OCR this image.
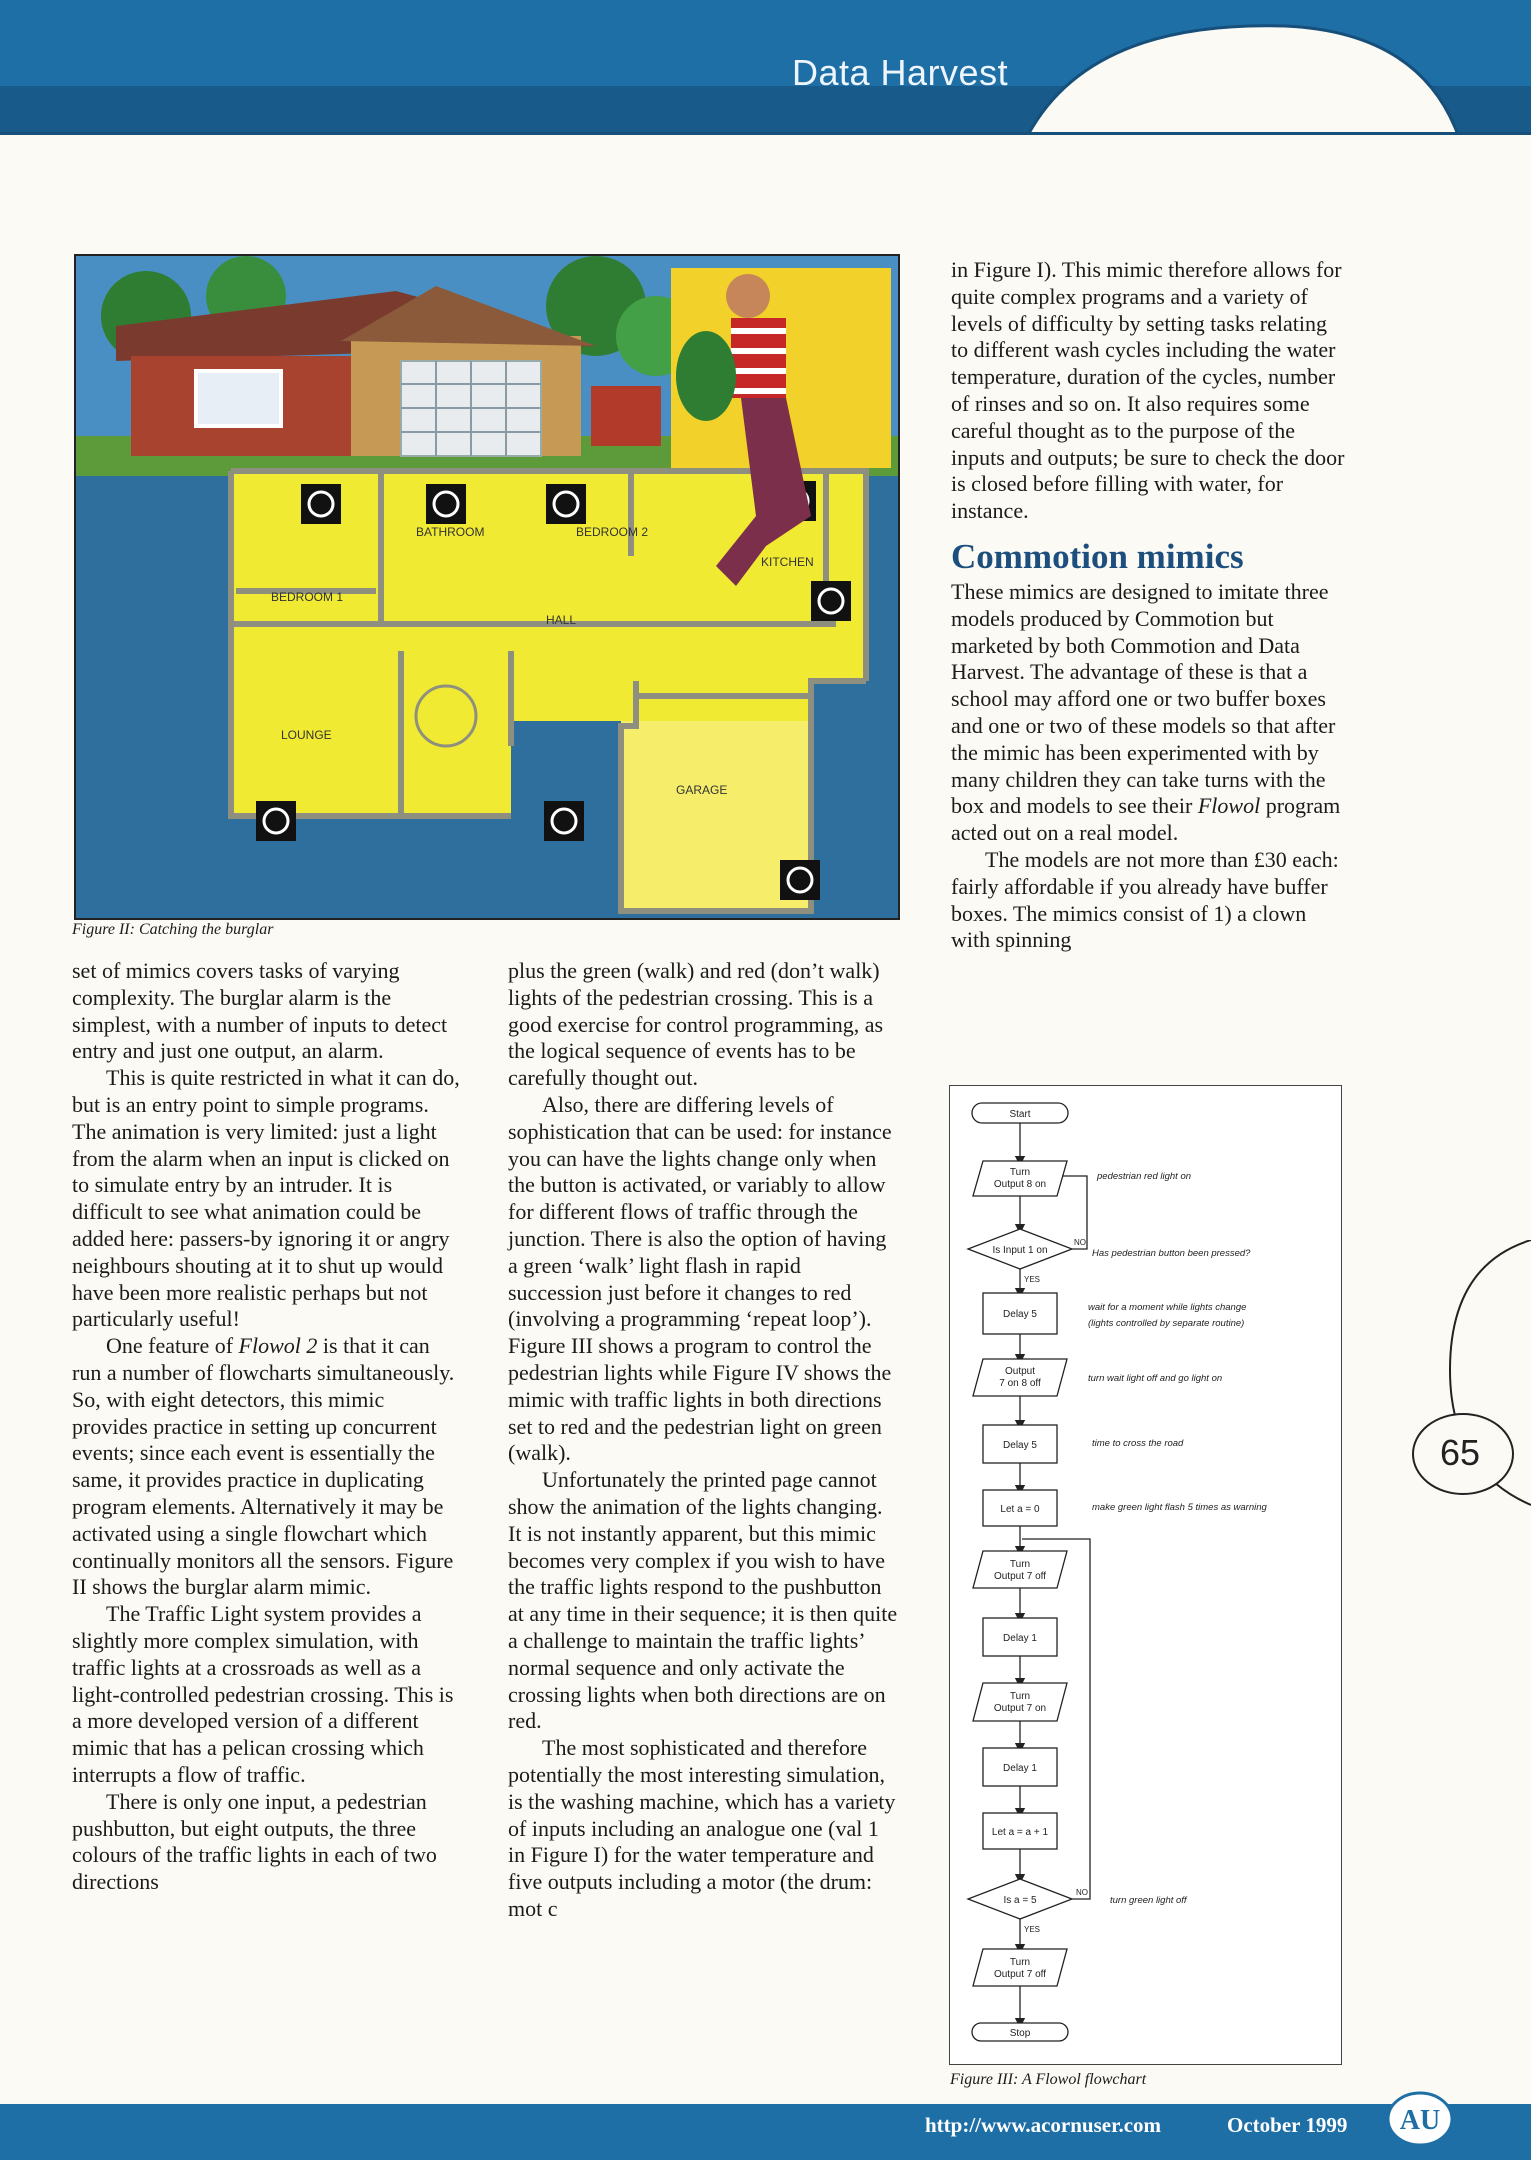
Data Harvest
BATHROOM	BEDROOM 2
KITCHEN
BEDROOM 1
HALL
LOUNGE
GARAGE
Figure II: Catching the burglar

set of mimics covers tasks of varying complexity. The burglar alarm is the simplest, with a number of inputs to detect entry and just one output, an alarm.

This is quite restricted in what it can do, but is an entry point to simple programs. The animation is very limited: just a light from the alarm when an input is clicked on to simulate entry by an intruder. It is difficult to see what animation could be added here: passers-by ignoring it or angry neighbours shouting at it to shut up would have been more realistic perhaps but not particularly useful!

One feature of Flowol 2 is that it can run a number of flowcharts simultaneously. So, with eight detectors, this mimic provides practice in setting up concurrent events; since each event is essentially the same, it provides practice in duplicating program elements. Alternatively it may be activated using a single flowchart which continually monitors all the sensors. Figure II shows the burglar alarm mimic.

The Traffic Light system provides a slightly more complex simulation, with traffic lights at a crossroads as well as a light-controlled pedestrian crossing. This is a more developed version of a different mimic that has a pelican crossing which interrupts a flow of traffic.

There is only one input, a pedestrian pushbutton, but eight outputs, the three colours of the traffic lights in each of two directions

plus the green (walk) and red (don’t walk) lights of the pedestrian crossing. This is a good exercise for control programming, as the logical sequence of events has to be carefully thought out.

Also, there are differing levels of sophistication that can be used: for instance you can have the lights change only when the button is activated, or variably to allow for different flows of traffic through the junction. There is also the option of having a green ‘walk’ light flash in rapid succession just before it changes to red (involving a programming ‘repeat loop’). Figure III shows a program to control the pedestrian lights while Figure IV shows the mimic with traffic lights in both directions set to red and the pedestrian light on green (walk).

Unfortunately the printed page cannot show the animation of the lights changing. It is not instantly apparent, but this mimic becomes very complex if you wish to have the traffic lights respond to the pushbutton at any time in their sequence; it is then quite a challenge to maintain the traffic lights’ normal sequence and only activate the crossing lights when both directions are on red.

The most sophisticated and therefore potentially the most interesting simulation, is the washing machine, which has a variety of inputs including an analogue one (val 1 in Figure I) for the water temperature and five outputs including a motor (the drum: mot c

in Figure I). This mimic therefore allows for quite complex programs and a variety of levels of difficulty by setting tasks relating to different wash cycles including the water temperature, duration of the cycles, number of rinses and so on. It also requires some careful thought as to the purpose of the inputs and outputs; be sure to check the door is closed before filling with water, for instance.

Commotion mimics

These mimics are designed to imitate three models produced by Commotion but marketed by both Commotion and Data Harvest. The advantage of these is that a school may afford one or two buffer boxes and one or two of these models so that after the mimic has been experimented with by many children they can take turns with the box and models to see their Flowol program acted out on a real model.

The models are not more than £30 each: fairly affordable if you already have buffer boxes. The mimics consist of 1) a clown with spinning

Start
Turn
Output 8 on
Is Input 1 on
Delay 5
Output
7 on 8 off
Delay 5
Let a = 0
Turn
Output 7 off
Delay 1
Turn
Output 7 on
Delay 1
Let a = a + 1
Is a = 5
Turn
Output 7 off
Stop
NO
YES
NO
YES
pedestrian red light on
Has pedestrian button been pressed?
wait for a moment while lights change
(lights controlled by separate routine)
turn wait light off and go light on
time to cross the road
make green light flash 5 times as warning
turn green light off
Figure III: A Flowol flowchart
65
http://www.acornuser.com	October 1999 AU
